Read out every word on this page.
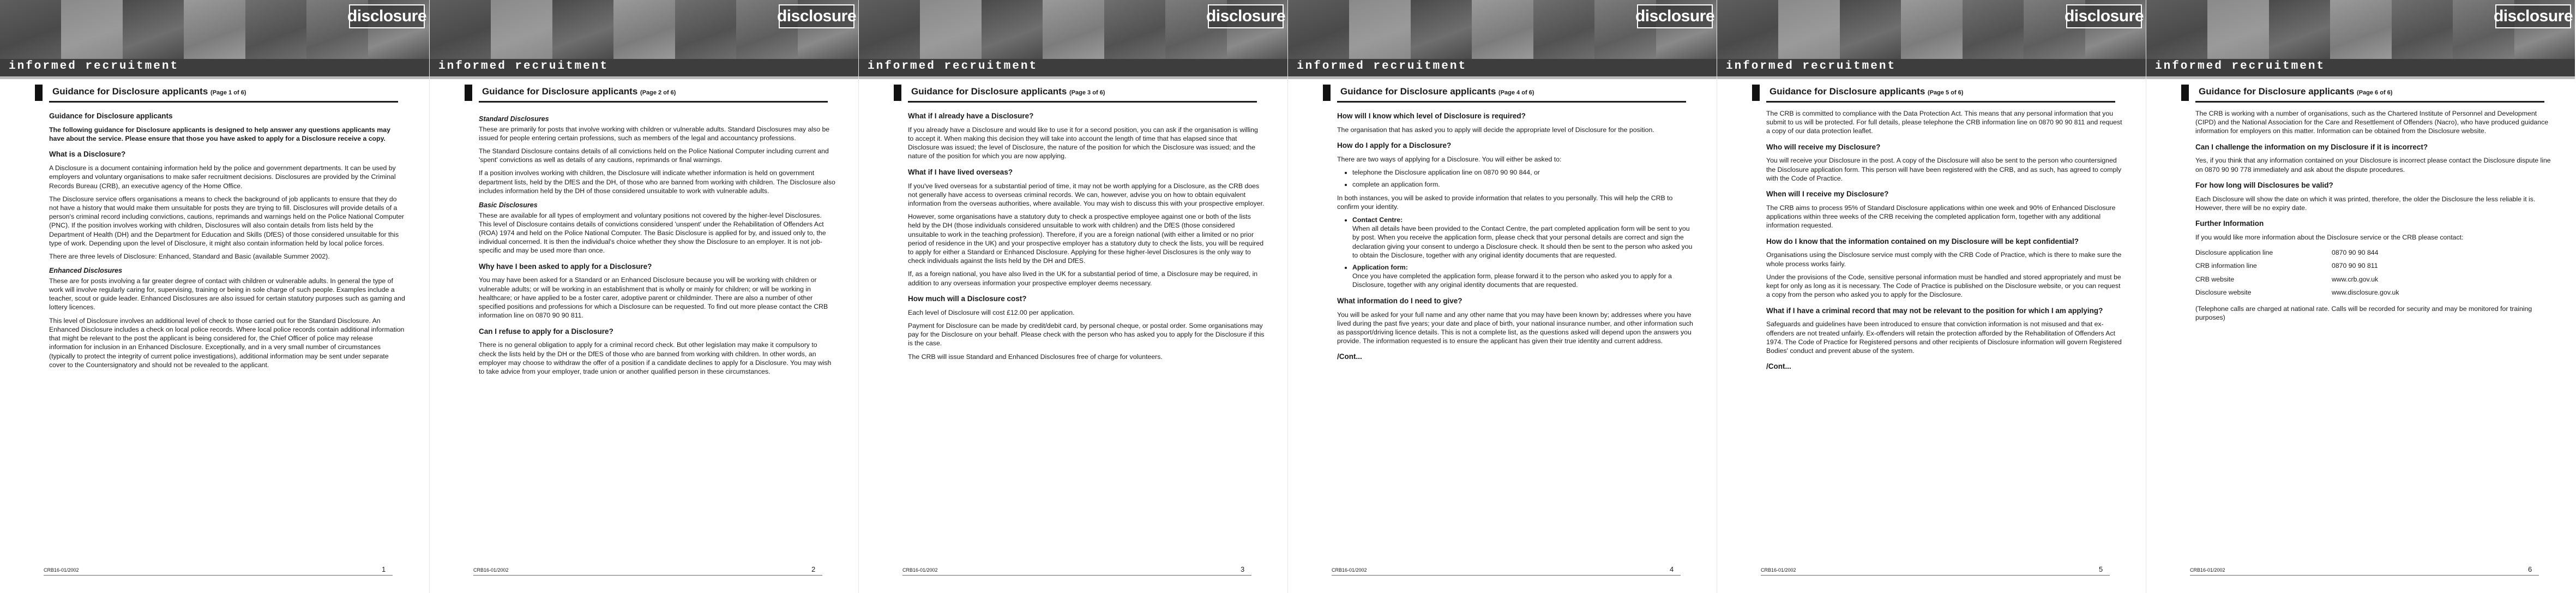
disclosure
informed recruitment
Guidance for Disclosure applicants (Page 1 of 6)
Guidance for Disclosure applicants

The following guidance for Disclosure applicants is designed to help answer any questions applicants may have about the service. Please ensure that those you have asked to apply for a Disclosure receive a copy.

What is a Disclosure?

A Disclosure is a document containing information held by the police and government departments. It can be used by employers and voluntary organisations to make safer recruitment decisions. Disclosures are provided by the Criminal Records Bureau (CRB), an executive agency of the Home Office.

The Disclosure service offers organisations a means to check the background of job applicants to ensure that they do not have a history that would make them unsuitable for posts they are trying to fill. Disclosures will provide details of a person's criminal record including convictions, cautions, reprimands and warnings held on the Police National Computer (PNC). If the position involves working with children, Disclosures will also contain details from lists held by the Department of Health (DH) and the Department for Education and Skills (DfES) of those considered unsuitable for this type of work. Depending upon the level of Disclosure, it might also contain information held by local police forces.

There are three levels of Disclosure: Enhanced, Standard and Basic (available Summer 2002).

Enhanced Disclosures

These are for posts involving a far greater degree of contact with children or vulnerable adults. In general the type of work will involve regularly caring for, supervising, training or being in sole charge of such people. Examples include a teacher, scout or guide leader. Enhanced Disclosures are also issued for certain statutory purposes such as gaming and lottery licences.

This level of Disclosure involves an additional level of check to those carried out for the Standard Disclosure. An Enhanced Disclosure includes a check on local police records. Where local police records contain additional information that might be relevant to the post the applicant is being considered for, the Chief Officer of police may release information for inclusion in an Enhanced Disclosure. Exceptionally, and in a very small number of circumstances (typically to protect the integrity of current police investigations), additional information may be sent under separate cover to the Countersignatory and should not be revealed to the applicant.

CRB16-01/2002	1
disclosure
informed recruitment
Guidance for Disclosure applicants (Page 2 of 6)
Standard Disclosures

These are primarily for posts that involve working with children or vulnerable adults. Standard Disclosures may also be issued for people entering certain professions, such as members of the legal and accountancy professions.

The Standard Disclosure contains details of all convictions held on the Police National Computer including current and 'spent' convictions as well as details of any cautions, reprimands or final warnings.

If a position involves working with children, the Disclosure will indicate whether information is held on government department lists, held by the DfES and the DH, of those who are banned from working with children. The Disclosure also includes information held by the DH of those considered unsuitable to work with vulnerable adults.

Basic Disclosures

These are available for all types of employment and voluntary positions not covered by the higher-level Disclosures. This level of Disclosure contains details of convictions considered 'unspent' under the Rehabilitation of Offenders Act (ROA) 1974 and held on the Police National Computer. The Basic Disclosure is applied for by, and issued only to, the individual concerned. It is then the individual's choice whether they show the Disclosure to an employer. It is not job-specific and may be used more than once.

Why have I been asked to apply for a Disclosure?

You may have been asked for a Standard or an Enhanced Disclosure because you will be working with children or vulnerable adults; or will be working in an establishment that is wholly or mainly for children; or will be working in healthcare; or have applied to be a foster carer, adoptive parent or childminder. There are also a number of other specified positions and professions for which a Disclosure can be requested. To find out more please contact the CRB information line on 0870 90 90 811.

Can I refuse to apply for a Disclosure?

There is no general obligation to apply for a criminal record check. But other legislation may make it compulsory to check the lists held by the DH or the DfES of those who are banned from working with children. In other words, an employer may choose to withdraw the offer of a position if a candidate declines to apply for a Disclosure. You may wish to take advice from your employer, trade union or another qualified person in these circumstances.

CRB16-01/2002	2
disclosure
informed recruitment
Guidance for Disclosure applicants (Page 3 of 6)
What if I already have a Disclosure?

If you already have a Disclosure and would like to use it for a second position, you can ask if the organisation is willing to accept it. When making this decision they will take into account the length of time that has elapsed since that Disclosure was issued; the level of Disclosure, the nature of the position for which the Disclosure was issued; and the nature of the position for which you are now applying.

What if I have lived overseas?

If you've lived overseas for a substantial period of time, it may not be worth applying for a Disclosure, as the CRB does not generally have access to overseas criminal records. We can, however, advise you on how to obtain equivalent information from the overseas authorities, where available. You may wish to discuss this with your prospective employer.

However, some organisations have a statutory duty to check a prospective employee against one or both of the lists held by the DH (those individuals considered unsuitable to work with children) and the DfES (those considered unsuitable to work in the teaching profession). Therefore, if you are a foreign national (with either a limited or no prior period of residence in the UK) and your prospective employer has a statutory duty to check the lists, you will be required to apply for either a Standard or Enhanced Disclosure. Applying for these higher-level Disclosures is the only way to check individuals against the lists held by the DH and DfES.

If, as a foreign national, you have also lived in the UK for a substantial period of time, a Disclosure may be required, in addition to any overseas information your prospective employer deems necessary.

How much will a Disclosure cost?

Each level of Disclosure will cost £12.00 per application.

Payment for Disclosure can be made by credit/debit card, by personal cheque, or postal order. Some organisations may pay for the Disclosure on your behalf. Please check with the person who has asked you to apply for the Disclosure if this is the case.

The CRB will issue Standard and Enhanced Disclosures free of charge for volunteers.

CRB16-01/2002	3
disclosure
informed recruitment
Guidance for Disclosure applicants (Page 4 of 6)
How will I know which level of Disclosure is required?

The organisation that has asked you to apply will decide the appropriate level of Disclosure for the position.

How do I apply for a Disclosure?

There are two ways of applying for a Disclosure. You will either be asked to:

• telephone the Disclosure application line on 0870 90 90 844, or
• complete an application form.

In both instances, you will be asked to provide information that relates to you personally. This will help the CRB to confirm your identity.

• Contact Centre:
When all details have been provided to the Contact Centre, the part completed application form will be sent to you by post. When you receive the application form, please check that your personal details are correct and sign the declaration giving your consent to undergo a Disclosure check. It should then be sent to the person who asked you to obtain the Disclosure, together with any original identity documents that are requested.
• Application form:
Once you have completed the application form, please forward it to the person who asked you to apply for a Disclosure, together with any original identity documents that are requested.
What information do I need to give?

You will be asked for your full name and any other name that you may have been known by; addresses where you have lived during the past five years; your date and place of birth, your national insurance number, and other information such as passport/driving licence details. This is not a complete list, as the questions asked will depend upon the answers you provide. The information requested is to ensure the applicant has given their true identity and current address.

/Cont...
CRB16-01/2002	4
disclosure
informed recruitment
Guidance for Disclosure applicants (Page 5 of 6)

The CRB is committed to compliance with the Data Protection Act. This means that any personal information that you submit to us will be protected. For full details, please telephone the CRB information line on 0870 90 90 811 and request a copy of our data protection leaflet.

Who will receive my Disclosure?

You will receive your Disclosure in the post. A copy of the Disclosure will also be sent to the person who countersigned the Disclosure application form. This person will have been registered with the CRB, and as such, has agreed to comply with the Code of Practice.

When will I receive my Disclosure?

The CRB aims to process 95% of Standard Disclosure applications within one week and 90% of Enhanced Disclosure applications within three weeks of the CRB receiving the completed application form, together with any additional information requested.

How do I know that the information contained on my Disclosure will be kept confidential?

Organisations using the Disclosure service must comply with the CRB Code of Practice, which is there to make sure the whole process works fairly.

Under the provisions of the Code, sensitive personal information must be handled and stored appropriately and must be kept for only as long as it is necessary. The Code of Practice is published on the Disclosure website, or you can request a copy from the person who asked you to apply for the Disclosure.

What if I have a criminal record that may not be relevant to the position for which I am applying?

Safeguards and guidelines have been introduced to ensure that conviction information is not misused and that ex-offenders are not treated unfairly. Ex-offenders will retain the protection afforded by the Rehabilitation of Offenders Act 1974. The Code of Practice for Registered persons and other recipients of Disclosure information will govern Registered Bodies' conduct and prevent abuse of the system.

/Cont...
CRB16-01/2002	5
disclosure
informed recruitment
Guidance for Disclosure applicants (Page 6 of 6)

The CRB is working with a number of organisations, such as the Chartered Institute of Personnel and Development (CIPD) and the National Association for the Care and Resettlement of Offenders (Nacro), who have produced guidance information for employers on this matter. Information can be obtained from the Disclosure website.

Can I challenge the information on my Disclosure if it is incorrect?

Yes, if you think that any information contained on your Disclosure is incorrect please contact the Disclosure dispute line on 0870 90 90 778 immediately and ask about the dispute procedures.

For how long will Disclosures be valid?

Each Disclosure will show the date on which it was printed, therefore, the older the Disclosure the less reliable it is. However, there will be no expiry date.

Further Information

If you would like more information about the Disclosure service or the CRB please contact:

Disclosure application line	0870 90 90 844
CRB information line	0870 90 90 811
CRB website	www.crb.gov.uk
Disclosure website	www.disclosure.gov.uk

(Telephone calls are charged at national rate. Calls will be recorded for security and may be monitored for training purposes)

CRB16-01/2002	6
